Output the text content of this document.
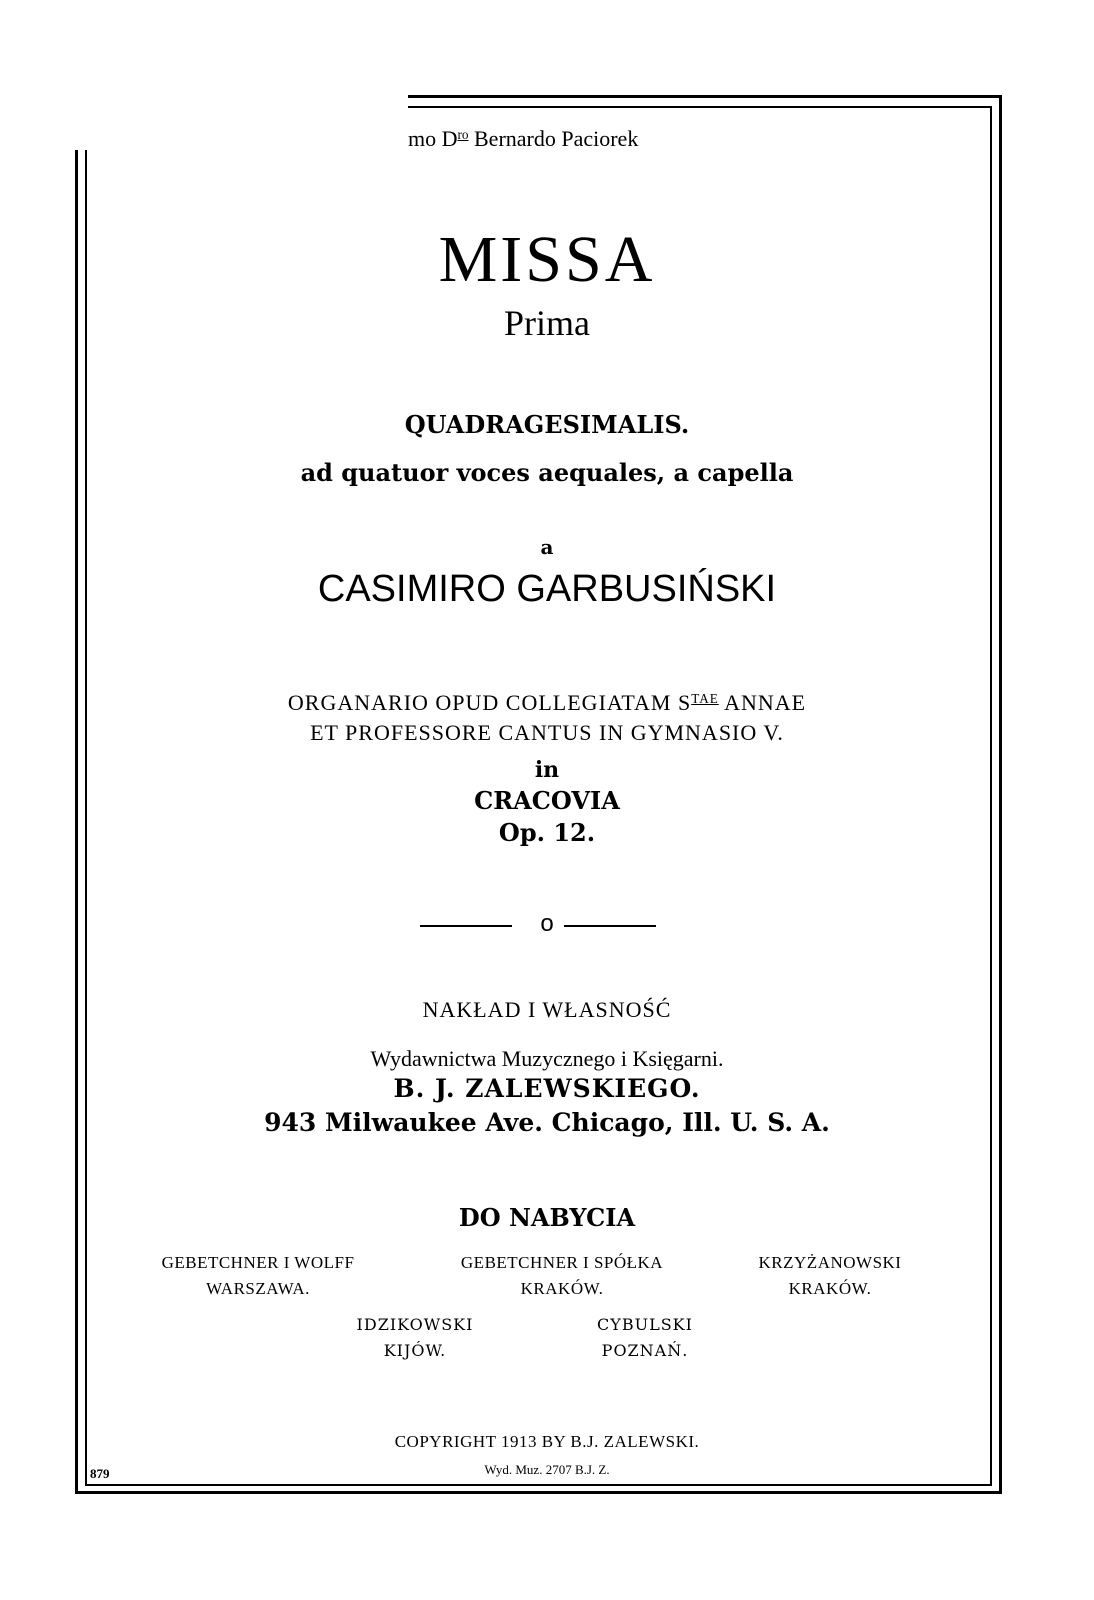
mo $D^{ro}$ Bernardo Paciorek
MISSA
Prima
QUADRAGESIMALIS.
ad quatuor voces aequales, a capella
a
CASIMIRO GARBUSIŃSKI
ORGANARIO OPUD COLLEGIATAM $S^{TAE}$ ANNAE
ET PROFESSORE CANTUS IN GYMNASIO V.
in
CRACOVIA
Op. 12.
o
NAKŁAD I WŁASNOŚĆ
Wydawnictwa Muzycznego i Księgarni.
B. J. ZALEWSKIEGO.
943 Milwaukee Ave. Chicago, Ill. U. S. A.
DO NABYCIA
GEBETCHNER I WOLFF
WARSZAWA.
GEBETCHNER I SPÓŁKA
KRAKÓW.
KRZYŻANOWSKI
KRAKÓW.
IDZIKOWSKI
KIJÓW.
CYBULSKI
POZNAŃ.
COPYRIGHT 1913 BY B.J. ZALEWSKI.
Wyd. Muz. 2707 B.J. Z.
879
